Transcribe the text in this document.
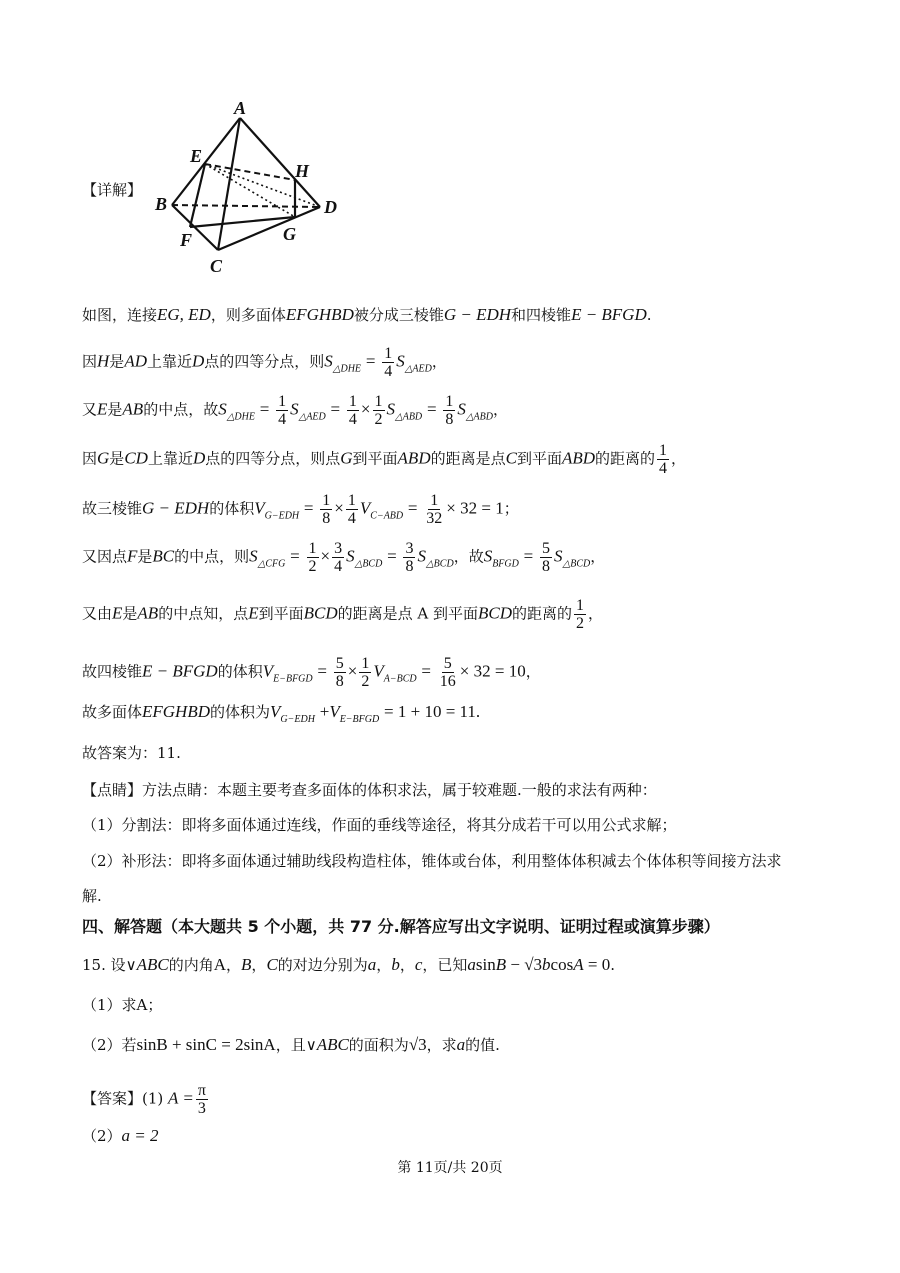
【详解】
A
E
H
B	D
F	G
C
如图，连接EG, ED，则多面体EFGHBD被分成三棱锥G − EDH和四棱锥E − BFGD.
因H是AD上靠近D点的四等分点，则$S_{\triangle DHE} = \frac{1}{4} S_{\triangle AED}$，
又E是AB的中点，故$S_{\triangle DHE} = \frac{1}{4} S_{\triangle AED} = \frac{1}{4} \times \frac{1}{2} S_{\triangle ABD} = \frac{1}{8} S_{\triangle ABD}$，
因G是CD上靠近D点的四等分点，则点G到平面ABD的距离是点C到平面ABD的距离的 $\frac{1}{4}$ ，
故三棱锥G − EDH的体积$V_{G-EDH} = \frac{1}{8} \times \frac{1}{4} V_{C-ABD} = \frac{1}{32} \times 32 = 1$；
又因点F是BC的中点，则$S_{\triangle CFG} = \frac{1}{2} \times \frac{3}{4} S_{\triangle BCD} = \frac{3}{8} S_{\triangle BCD}$，故$S_{BFGD} = \frac{5}{8} S_{\triangle BCD}$，
又由E是AB的中点知，点E到平面BCD的距离是点 A 到平面BCD的距离的 $\frac{1}{2}$ ，
故四棱锥E − BFGD的体积$V_{E-BFGD} = \frac{5}{8} \times \frac{1}{2} V_{A-BCD} = \frac{5}{16} \times 32 = 10$，
故多面体EFGHBD的体积为$V_{G-EDH} +V_{E-BFGD} = 1 + 10 = 11$.
故答案为：11.
【点睛】方法点睛：本题主要考查多面体的体积求法，属于较难题.一般的求法有两种：
（1）分割法：即将多面体通过连线，作面的垂线等途径，将其分成若干可以用公式求解；
（2）补形法：即将多面体通过辅助线段构造柱体，锥体或台体，利用整体体积减去个体体积等间接方法求
解.
四、解答题（本大题共 5 个小题，共 77 分.解答应写出文字说明、证明过程或演算步骤）
15. 设∨ABC的内角A，B，C的对边分别为a，b，c，已知asinB − √3bcosA = 0.
（1）求A；
（2）若sinB + sinC = 2sinA，且∨ABC的面积为√3，求a的值.
【答案】(1) $A = \frac{\pi}{3}$
（2）a = 2
第 11页/共 20页
